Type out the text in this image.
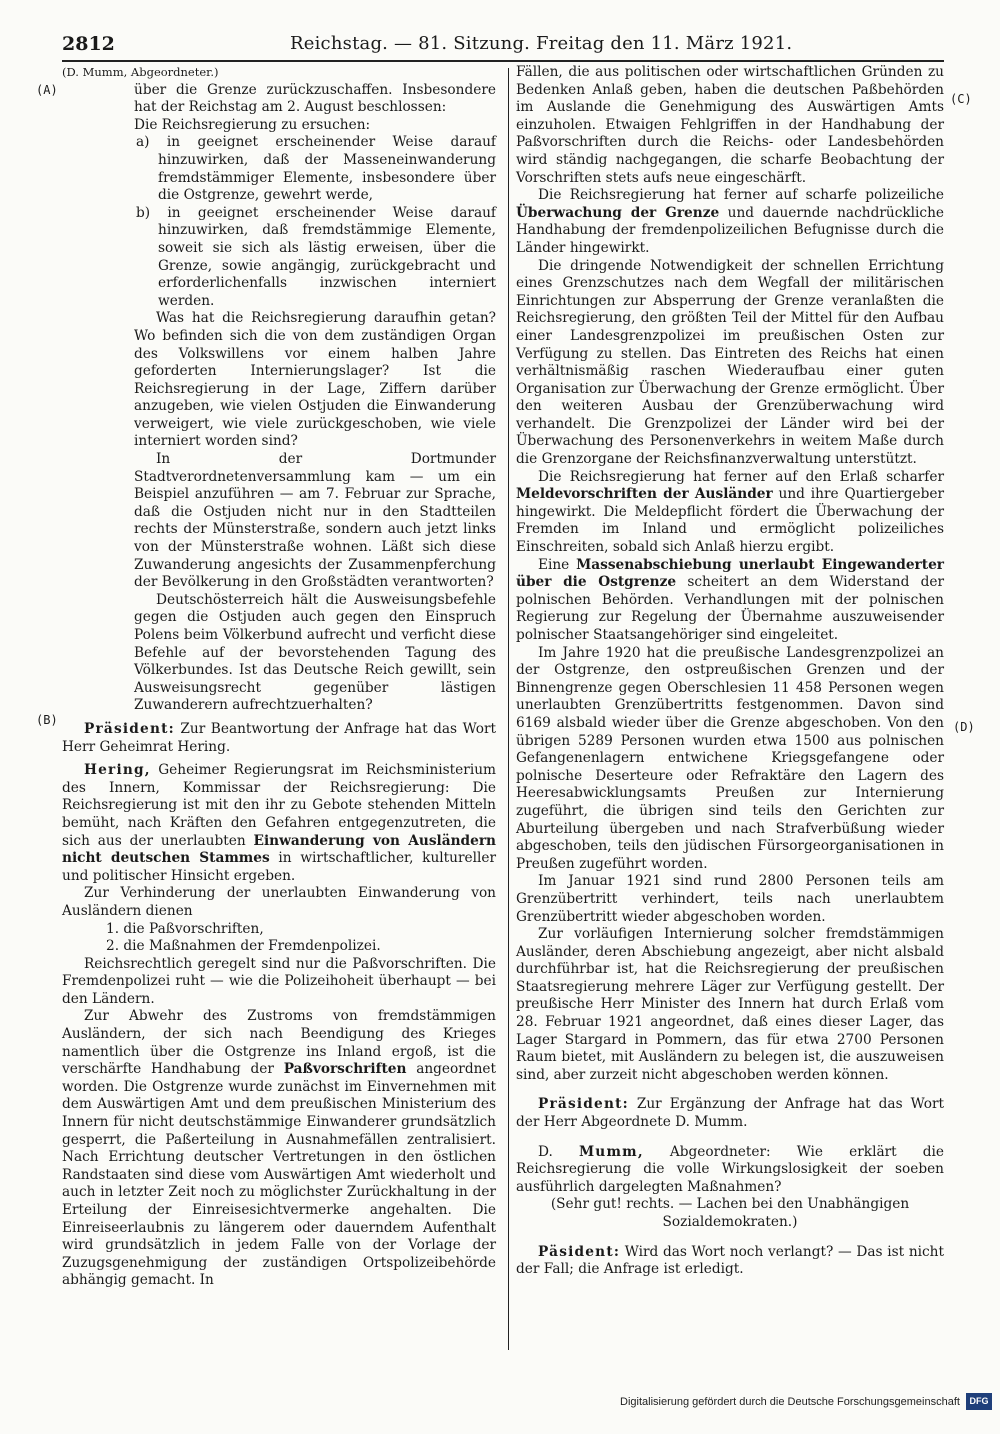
2812	Reichstag. — 81. Sitzung. Freitag den 11. März 1921.
(A)
(B)
(C)
(D)

(D. Mumm, Abgeordneter.)

über die Grenze zurückzuschaffen. Insbesondere hat der Reichstag am 2. August beschlossen:

Die Reichsregierung zu ersuchen:

a) in geeignet erscheinender Weise darauf hinzuwirken, daß der Masseneinwanderung fremdstämmiger Elemente, insbesondere über die Ostgrenze, gewehrt werde,

b) in geeignet erscheinender Weise darauf hinzuwirken, daß fremdstämmige Elemente, soweit sie sich als lästig erweisen, über die Grenze, sowie angängig, zurückgebracht und erforderlichenfalls inzwischen interniert werden.

Was hat die Reichsregierung daraufhin getan? Wo befinden sich die von dem zuständigen Organ des Volkswillens vor einem halben Jahre geforderten Internierungslager? Ist die Reichsregierung in der Lage, Ziffern darüber anzugeben, wie vielen Ostjuden die Einwanderung verweigert, wie viele zurückgeschoben, wie viele interniert worden sind?

In der Dortmunder Stadtverordnetenversammlung kam — um ein Beispiel anzuführen — am 7. Februar zur Sprache, daß die Ostjuden nicht nur in den Stadtteilen rechts der Münsterstraße, sondern auch jetzt links von der Münsterstraße wohnen. Läßt sich diese Zuwanderung angesichts der Zusammenpferchung der Bevölkerung in den Großstädten verantworten?

Deutschösterreich hält die Ausweisungsbefehle gegen die Ostjuden auch gegen den Einspruch Polens beim Völkerbund aufrecht und verficht diese Befehle auf der bevorstehenden Tagung des Völkerbundes. Ist das Deutsche Reich gewillt, sein Ausweisungsrecht gegenüber lästigen Zuwanderern aufrechtzuerhalten?

Präsident: Zur Beantwortung der Anfrage hat das Wort Herr Geheimrat Hering.

Hering, Geheimer Regierungsrat im Reichsministerium des Innern, Kommissar der Reichsregierung: Die Reichsregierung ist mit den ihr zu Gebote stehenden Mitteln bemüht, nach Kräften den Gefahren entgegenzutreten, die sich aus der unerlaubten Einwanderung von Ausländern nicht deutschen Stammes in wirtschaftlicher, kultureller und politischer Hinsicht ergeben.

Zur Verhinderung der unerlaubten Einwanderung von Ausländern dienen

1. die Paßvorschriften,

2. die Maßnahmen der Fremdenpolizei.

Reichsrechtlich geregelt sind nur die Paßvorschriften. Die Fremdenpolizei ruht — wie die Polizeihoheit überhaupt — bei den Ländern.

Zur Abwehr des Zustroms von fremdstämmigen Ausländern, der sich nach Beendigung des Krieges namentlich über die Ostgrenze ins Inland ergoß, ist die verschärfte Handhabung der Paßvorschriften angeordnet worden. Die Ostgrenze wurde zunächst im Einvernehmen mit dem Auswärtigen Amt und dem preußischen Ministerium des Innern für nicht deutschstämmige Einwanderer grundsätzlich gesperrt, die Paßerteilung in Ausnahmefällen zentralisiert. Nach Errichtung deutscher Vertretungen in den östlichen Randstaaten sind diese vom Auswärtigen Amt wiederholt und auch in letzter Zeit noch zu möglichster Zurückhaltung in der Erteilung der Einreisesichtvermerke angehalten. Die Einreiseerlaubnis zu längerem oder dauerndem Aufenthalt wird grundsätzlich in jedem Falle von der Vorlage der Zuzugsgenehmigung der zuständigen Ortspolizeibehörde abhängig gemacht. In

Fällen, die aus politischen oder wirtschaftlichen Gründen zu Bedenken Anlaß geben, haben die deutschen Paßbehörden im Auslande die Genehmigung des Auswärtigen Amts einzuholen. Etwaigen Fehlgriffen in der Handhabung der Paßvorschriften durch die Reichs- oder Landesbehörden wird ständig nachgegangen, die scharfe Beobachtung der Vorschriften stets aufs neue eingeschärft.

Die Reichsregierung hat ferner auf scharfe polizeiliche Überwachung der Grenze und dauernde nachdrückliche Handhabung der fremdenpolizeilichen Befugnisse durch die Länder hingewirkt.

Die dringende Notwendigkeit der schnellen Errichtung eines Grenzschutzes nach dem Wegfall der militärischen Einrichtungen zur Absperrung der Grenze veranlaßten die Reichsregierung, den größten Teil der Mittel für den Aufbau einer Landesgrenzpolizei im preußischen Osten zur Verfügung zu stellen. Das Eintreten des Reichs hat einen verhältnismäßig raschen Wiederaufbau einer guten Organisation zur Überwachung der Grenze ermöglicht. Über den weiteren Ausbau der Grenzüberwachung wird verhandelt. Die Grenzpolizei der Länder wird bei der Überwachung des Personenverkehrs in weitem Maße durch die Grenzorgane der Reichsfinanzverwaltung unterstützt.

Die Reichsregierung hat ferner auf den Erlaß scharfer Meldevorschriften der Ausländer und ihre Quartiergeber hingewirkt. Die Meldepflicht fördert die Überwachung der Fremden im Inland und ermöglicht polizeiliches Einschreiten, sobald sich Anlaß hierzu ergibt.

Eine Massenabschiebung unerlaubt Eingewanderter über die Ostgrenze scheitert an dem Widerstand der polnischen Behörden. Verhandlungen mit der polnischen Regierung zur Regelung der Übernahme auszuweisender polnischer Staatsangehöriger sind eingeleitet.

Im Jahre 1920 hat die preußische Landesgrenzpolizei an der Ostgrenze, den ostpreußischen Grenzen und der Binnengrenze gegen Oberschlesien 11 458 Personen wegen unerlaubten Grenzübertritts festgenommen. Davon sind 6169 alsbald wieder über die Grenze abgeschoben. Von den übrigen 5289 Personen wurden etwa 1500 aus polnischen Gefangenenlagern entwichene Kriegsgefangene oder polnische Deserteure oder Refraktäre den Lagern des Heeresabwicklungsamts Preußen zur Internierung zugeführt, die übrigen sind teils den Gerichten zur Aburteilung übergeben und nach Strafverbüßung wieder abgeschoben, teils den jüdischen Fürsorgeorganisationen in Preußen zugeführt worden.

Im Januar 1921 sind rund 2800 Personen teils am Grenzübertritt verhindert, teils nach unerlaubtem Grenzübertritt wieder abgeschoben worden.

Zur vorläufigen Internierung solcher fremdstämmigen Ausländer, deren Abschiebung angezeigt, aber nicht alsbald durchführbar ist, hat die Reichsregierung der preußischen Staatsregierung mehrere Läger zur Verfügung gestellt. Der preußische Herr Minister des Innern hat durch Erlaß vom 28. Februar 1921 angeordnet, daß eines dieser Lager, das Lager Stargard in Pommern, das für etwa 2700 Personen Raum bietet, mit Ausländern zu belegen ist, die auszuweisen sind, aber zurzeit nicht abgeschoben werden können.

Präsident: Zur Ergänzung der Anfrage hat das Wort der Herr Abgeordnete D. Mumm.

D. Mumm, Abgeordneter: Wie erklärt die Reichsregierung die volle Wirkungslosigkeit der soeben ausführlich dargelegten Maßnahmen?

(Sehr gut! rechts. — Lachen bei den Unabhängigen Sozialdemokraten.)

Päsident: Wird das Wort noch verlangt? — Das ist nicht der Fall; die Anfrage ist erledigt.

Digitalisierung gefördert durch die Deutsche Forschungsgemeinschaft	DFG
